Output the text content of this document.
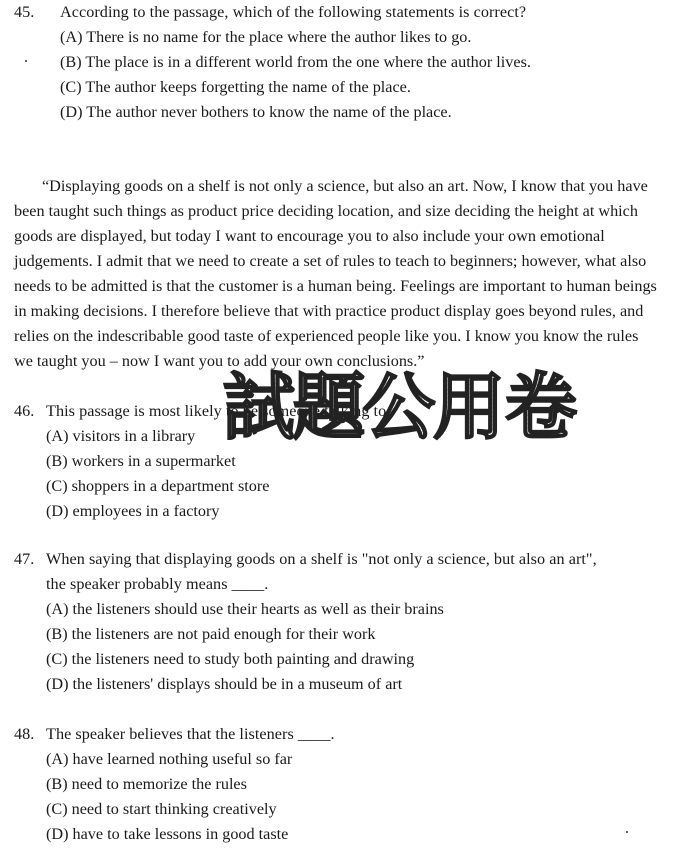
45. According to the passage, which of the following statements is correct?
(A) There is no name for the place where the author likes to go.
(B) The place is in a different world from the one where the author lives.
(C) The author keeps forgetting the name of the place.
(D) The author never bothers to know the name of the place.
“Displaying goods on a shelf is not only a science, but also an art. Now, I know that you have
been taught such things as product price deciding location, and size deciding the height at which
goods are displayed, but today I want to encourage you to also include your own emotional
judgements. I admit that we need to create a set of rules to teach to beginners; however, what also
needs to be admitted is that the customer is a human being. Feelings are important to human beings
in making decisions. I therefore believe that with practice product display goes beyond rules, and
relies on the indescribable good taste of experienced people like you. I know you know the rules
we taught you – now I want you to add your own conclusions.”
46. This passage is most likely to be someone talking to
(A) visitors in a library
(B) workers in a supermarket
(C) shoppers in a department store
(D) employees in a factory
47. When saying that displaying goods on a shelf is "not only a science, but also an art",
the speaker probably means ____.
(A) the listeners should use their hearts as well as their brains
(B) the listeners are not paid enough for their work
(C) the listeners need to study both painting and drawing
(D) the listeners' displays should be in a museum of art
48. The speaker believes that the listeners ____.
(A) have learned nothing useful so far
(B) need to memorize the rules
(C) need to start thinking creatively
(D) have to take lessons in good taste
試
題
公
用 卷
